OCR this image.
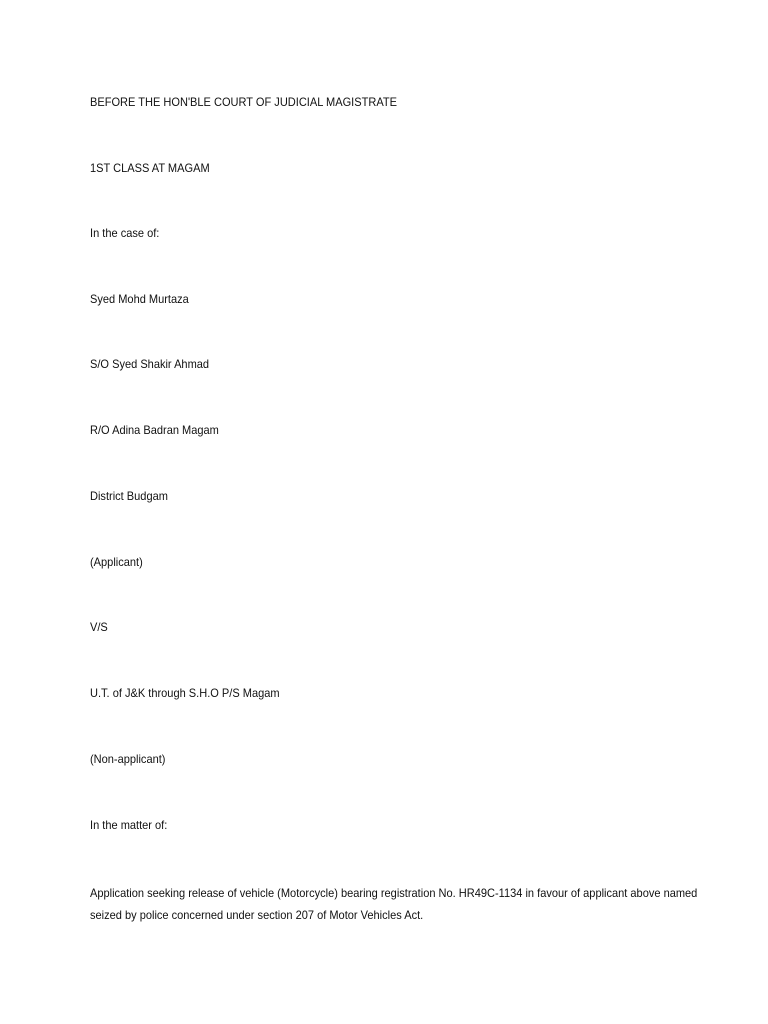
BEFORE THE HON'BLE COURT OF JUDICIAL MAGISTRATE
1ST CLASS AT MAGAM
In the case of:
Syed Mohd Murtaza
S/O Syed Shakir Ahmad
R/O Adina Badran Magam
District Budgam
(Applicant)
V/S
U.T. of J&K through S.H.O P/S Magam
(Non-applicant)
In the matter of:
Application seeking release of vehicle (Motorcycle) bearing registration No. HR49C-1134 in favour of applicant above named seized by police concerned under section 207 of Motor Vehicles Act.
